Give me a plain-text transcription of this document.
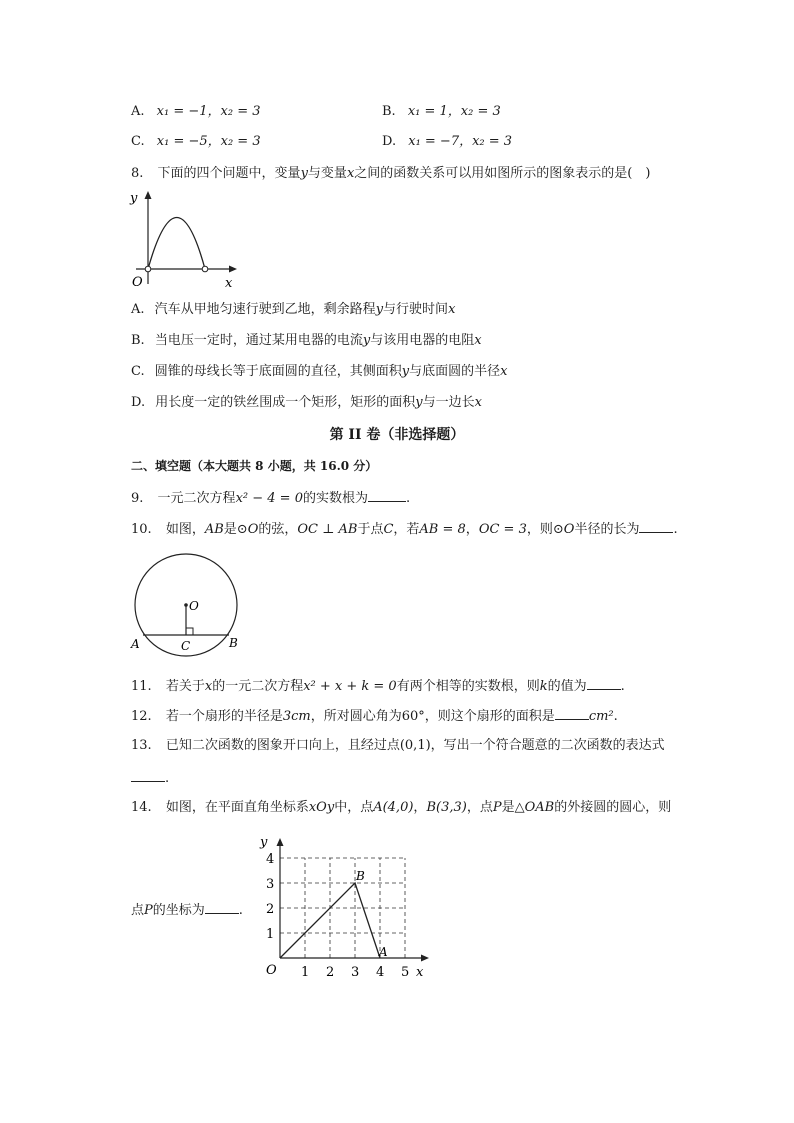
A. x₁ = −1，x₂ = 3	B. x₁ = 1，x₂ = 3
C. x₁ = −5，x₂ = 3	D. x₁ = −7，x₂ = 3
8. 下面的四个问题中，变量y与变量x之间的函数关系可以用如图所示的图象表示的是(　)
y
x
O
A. 汽车从甲地匀速行驶到乙地，剩余路程y与行驶时间x
B. 当电压一定时，通过某用电器的电流y与该用电器的电阻x
C. 圆锥的母线长等于底面圆的直径，其侧面积y与底面圆的半径x
D. 用长度一定的铁丝围成一个矩形，矩形的面积y与一边长x
第 II 卷（非选择题）
二、填空题（本大题共 8 小题，共 16.0 分）
9. 一元二次方程x² − 4 = 0的实数根为	.
10. 如图，AB是⊙O的弦，OC ⊥ AB于点C，若AB = 8，OC = 3，则⊙O半径的长为	.
O
A	B
C
11. 若关于x的一元二次方程x² + x + k = 0有两个相等的实数根，则k的值为	.
12. 若一个扇形的半径是3cm，所对圆心角为60°，则这个扇形的面积是	cm².
13. 已知二次函数的图象开口向上，且经过点(0,1)，写出一个符合题意的二次函数的表达式
.
14. 如图，在平面直角坐标系xOy中，点A(4,0)，B(3,3)，点P是△OAB的外接圆的圆心，则
点P的坐标为	.
1 2 3 4 5
1
2
3
4
y
x
O
B
A
